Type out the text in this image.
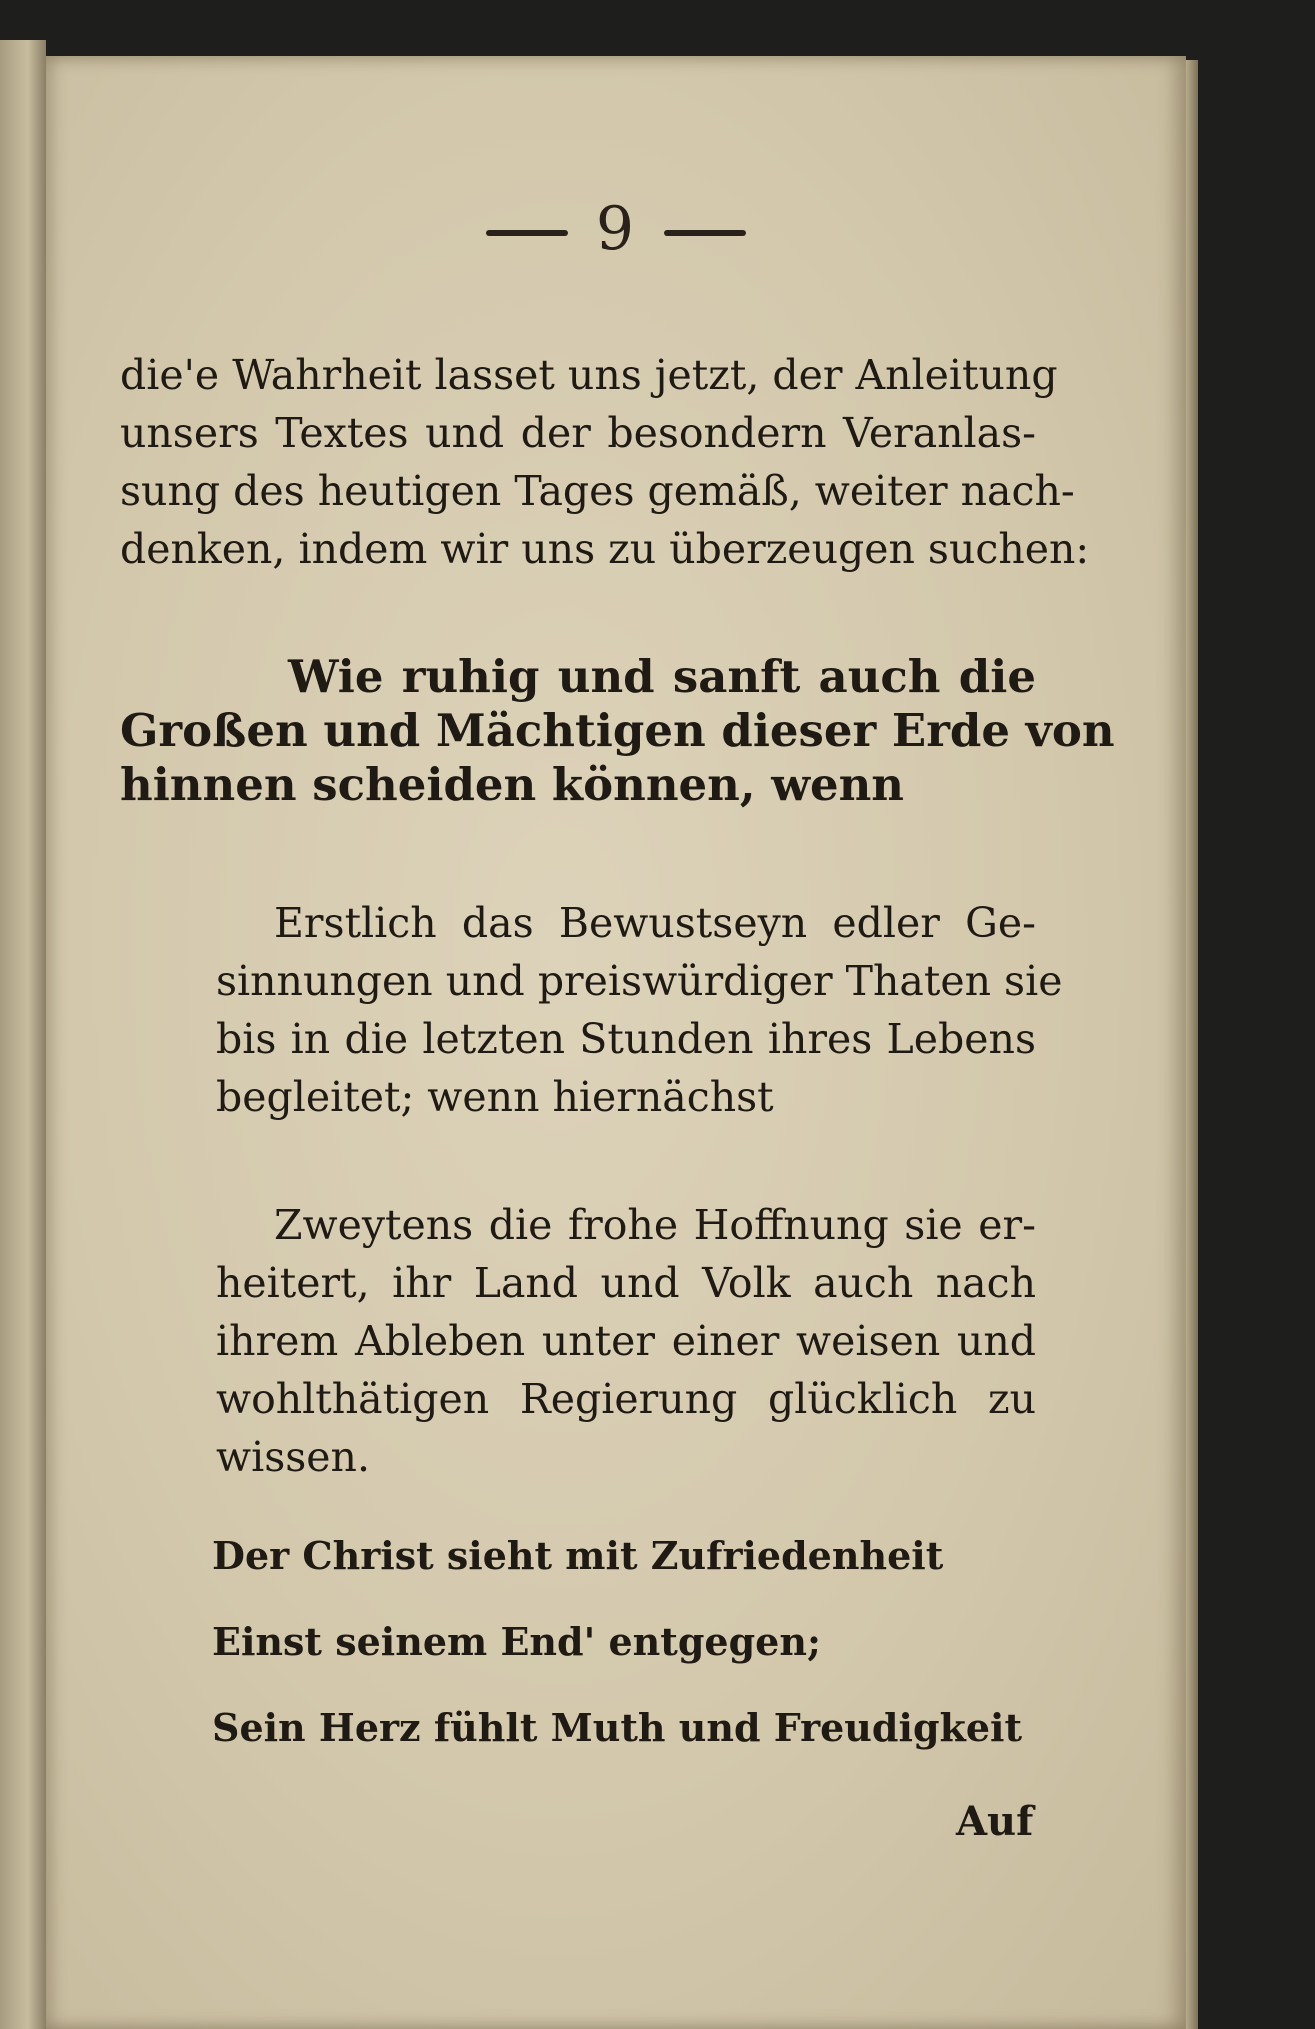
9
die'e Wahrheit lasset uns jetzt, der Anleitung
unsers Textes und der besondern Veranlas-
sung des heutigen Tages gemäß, weiter nach-
denken, indem wir uns zu überzeugen suchen:
Wie ruhig und sanft auch die
Großen und Mächtigen dieser Erde von
hinnen scheiden können, wenn
Erstlich das Bewustseyn edler Ge-
sinnungen und preiswürdiger Thaten sie
bis in die letzten Stunden ihres Lebens
begleitet; wenn hiernächst
Zweytens die frohe Hoffnung sie er-
heitert, ihr Land und Volk auch nach
ihrem Ableben unter einer weisen und
wohlthätigen Regierung glücklich zu
wissen.
Der Christ sieht mit Zufriedenheit
Einst seinem End' entgegen;
Sein Herz fühlt Muth und Freudigkeit
Auf
